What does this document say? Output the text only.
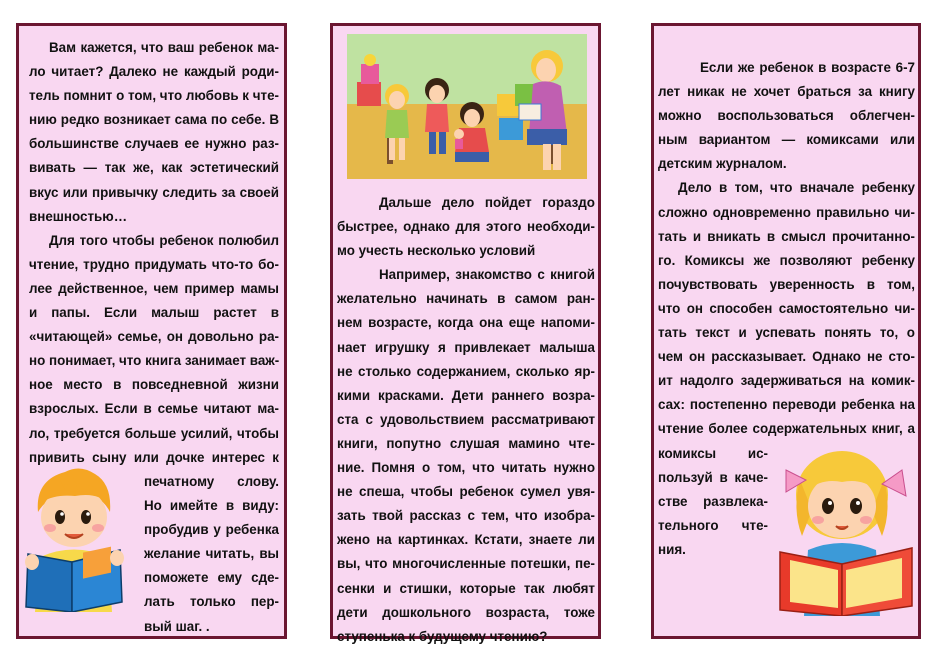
Вам кажется, что ваш ребенок ма-
ло читает? Далеко не каждый роди-
тель помнит о том, что любовь к чте-
нию редко возникает сама по себе. В
большинстве случаев ее нужно раз-
вивать — так же, как эстетический
вкус или привычку следить за своей
внешностью…
Для того чтобы ребенок полюбил
чтение, трудно придумать что-то бо-
лее действенное, чем пример мамы
и папы. Если малыш растет в
«читающей» семье, он довольно ра-
но понимает, что книга занимает важ-
ное место в повседневной жизни
взрослых. Если в семье читают ма-
ло, требуется больше усилий, чтобы
привить сыну или дочке интерес к
печатному слову.
Но имейте в виду:
пробудив у ребенка
желание читать, вы
поможете ему сде-
лать только пер-
вый шаг. .
Дальше дело пойдет гораздо
быстрее, однако для этого необходи-
мо учесть несколько условий
Например, знакомство с книгой
желательно начинать в самом ран-
нем возрасте, когда она еще напоми-
нает игрушку я привлекает малыша
не столько содержанием, сколько яр-
кими красками. Дети раннего возра-
ста с удовольствием рассматривают
книги, попутно слушая мамино чте-
ние. Помня о том, что читать нужно
не спеша, чтобы ребенок сумел увя-
зать твой рассказ с тем, что изобра-
жено на картинках. Кстати, знаете ли
вы, что многочисленные потешки, пе-
сенки и стишки, которые так любят
дети дошкольного возраста, тоже
ступенька к будущему чтению?
Если же ребенок в возрасте 6-7
лет никак не хочет браться за книгу
можно воспользоваться облегчен-
ным вариантом — комиксами или
детским журналом.
Дело в том, что вначале ребенку
сложно одновременно правильно чи-
тать и вникать в смысл прочитанно-
го. Комиксы же позволяют ребенку
почувствовать уверенность в том,
что он способен самостоятельно чи-
тать текст и успевать понять то, о
чем он рассказывает. Однако не сто-
ит надолго задерживаться на комик-
сах: постепенно переводи ребенка на
чтение более содержательных книг, а
комиксы ис-
пользуй в каче-
стве развлека-
тельного чте-
ния.
